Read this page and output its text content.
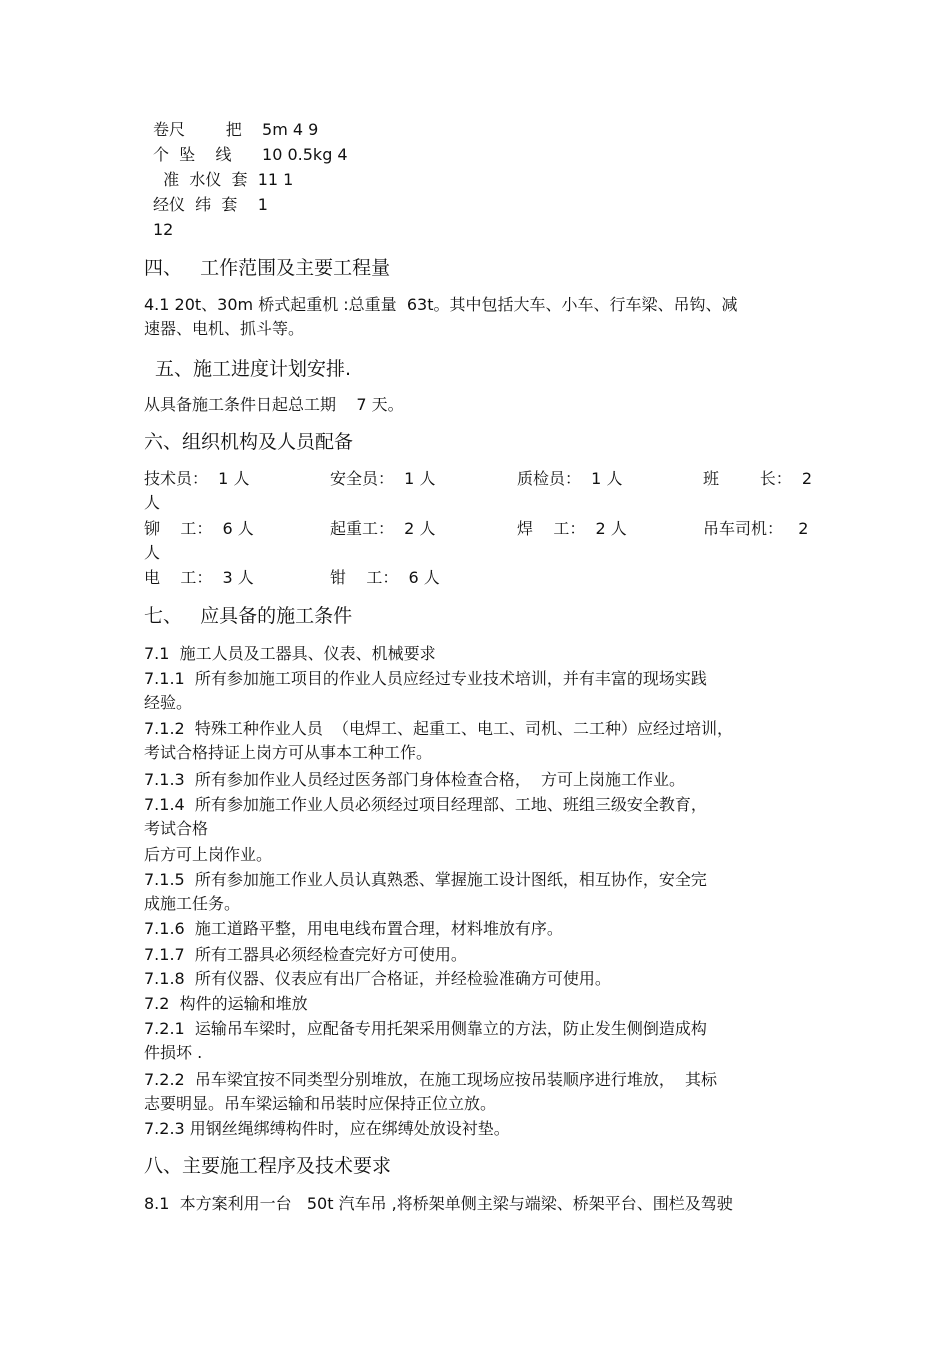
卷尺        把    5m 4 9
个  坠    线      10 0.5kg 4
准  水仪  套  11 1
经仪  纬  套    1
12
四、   工作范围及主要工程量
4.1 20t、30m 桥式起重机 :总重量  63t。其中包括大车、小车、行车梁、吊钩、减
速器、电机、抓斗等。
五、施工进度计划安排.
从具备施工条件日起总工期    7 天。
六、组织机构及人员配备
技术员：  1 人	安全员：  1 人	质检员：  1 人	班        长：  2
人
铆    工：  6 人	起重工：  2 人	焊    工：  2 人	吊车司机：   2
人
电    工：  3 人	钳    工：  6 人
七、   应具备的施工条件
7.1  施工人员及工器具、仪表、机械要求
7.1.1  所有参加施工项目的作业人员应经过专业技术培训，并有丰富的现场实践
经验。
7.1.2  特殊工种作业人员  （电焊工、起重工、电工、司机、二工种）应经过培训，
考试合格持证上岗方可从事本工种工作。
7.1.3  所有参加作业人员经过医务部门身体检查合格，  方可上岗施工作业。
7.1.4  所有参加施工作业人员必须经过项目经理部、工地、班组三级安全教育，
考试合格
后方可上岗作业。
7.1.5  所有参加施工作业人员认真熟悉、掌握施工设计图纸，相互协作，安全完
成施工任务。
7.1.6  施工道路平整，用电电线布置合理，材料堆放有序。
7.1.7  所有工器具必须经检查完好方可使用。
7.1.8  所有仪器、仪表应有出厂合格证，并经检验准确方可使用。
7.2  构件的运输和堆放
7.2.1  运输吊车梁时，应配备专用托架采用侧靠立的方法，防止发生侧倒造成构
件损坏 .
7.2.2  吊车梁宜按不同类型分别堆放，在施工现场应按吊装顺序进行堆放，  其标
志要明显。吊车梁运输和吊装时应保持正位立放。
7.2.3 用钢丝绳绑缚构件时，应在绑缚处放设衬垫。
八、主要施工程序及技术要求
8.1  本方案利用一台   50t 汽车吊 ,将桥架单侧主梁与端梁、桥架平台、围栏及驾驶
